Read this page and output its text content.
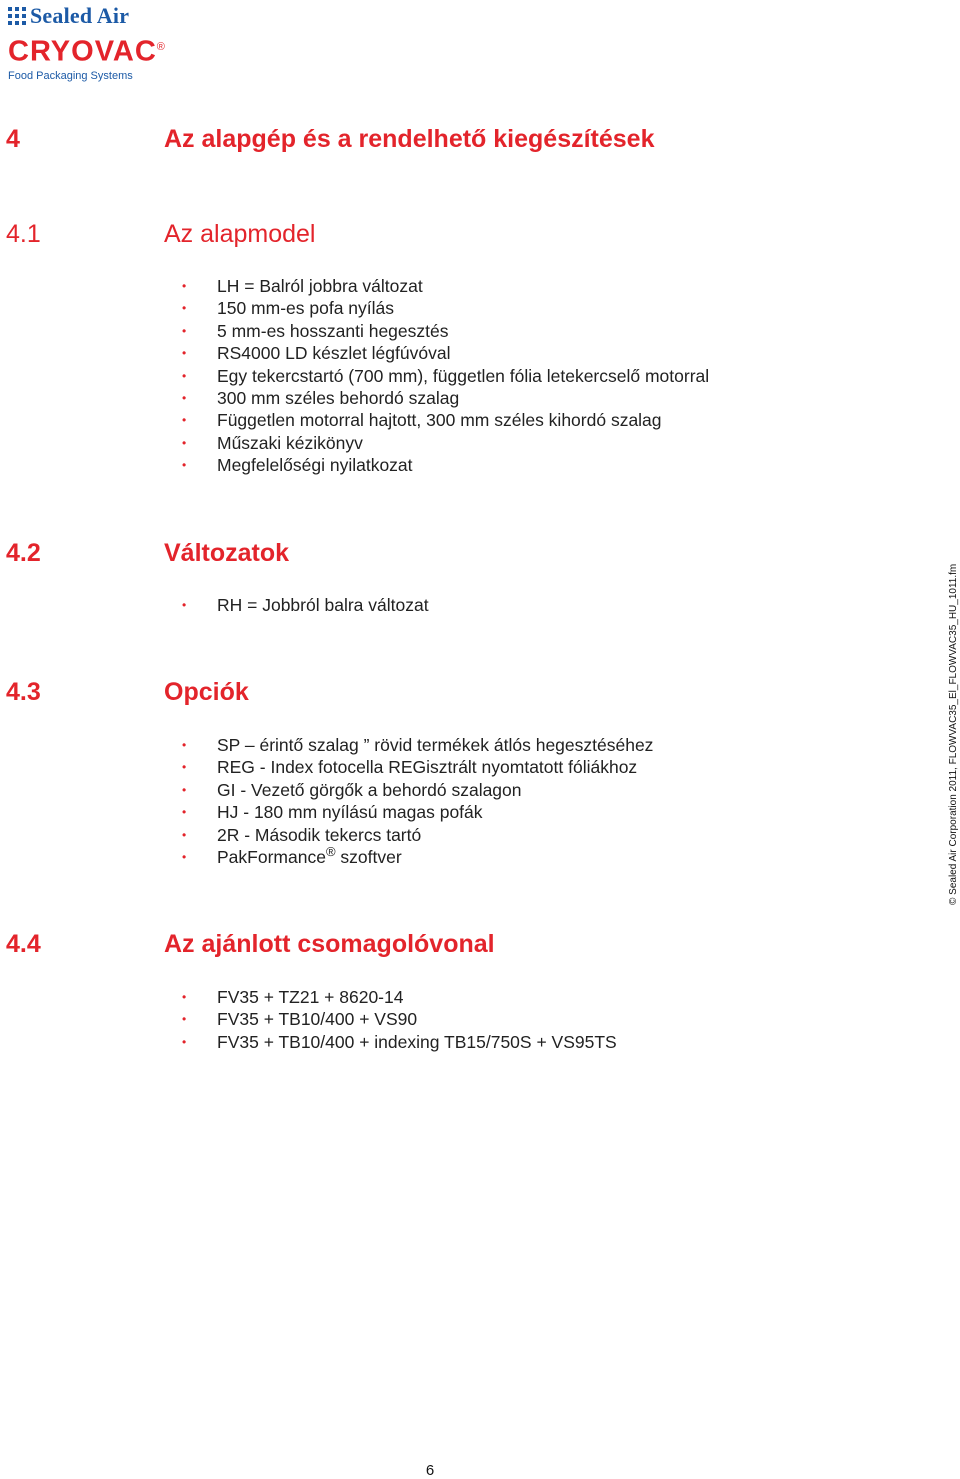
Sealed Air
CRYOVAC®
Food Packaging Systems
4	Az alapgép és a rendelhető kiegészítések
4.1	Az alapmodel
• LH = Balról jobbra változat
• 150 mm-es pofa nyílás
• 5 mm-es hosszanti hegesztés
• RS4000 LD készlet légfúvóval
• Egy tekercstartó (700 mm), független fólia letekercselő motorral
• 300 mm széles behordó szalag
• Független motorral hajtott, 300 mm széles kihordó szalag
• Műszaki kézikönyv
• Megfelelőségi nyilatkozat
4.2	Változatok
• RH = Jobbról balra változat
4.3	Opciók
• SP – érintő szalag ” rövid termékek átlós hegesztéséhez
• REG - Index fotocella REGisztrált nyomtatott fóliákhoz
• GI - Vezető görgők a behordó szalagon
• HJ - 180 mm nyílású magas pofák
• 2R - Második tekercs tartó
• PakFormance® szoftver
4.4	Az ajánlott csomagolóvonal
• FV35 + TZ21 + 8620-14
• FV35 + TB10/400 + VS90
• FV35 + TB10/400 + indexing TB15/750S + VS95TS
© Sealed Air Corporation 2011, FLOWVAC35_El_FLOWVAC35_HU_1011.fm
6
